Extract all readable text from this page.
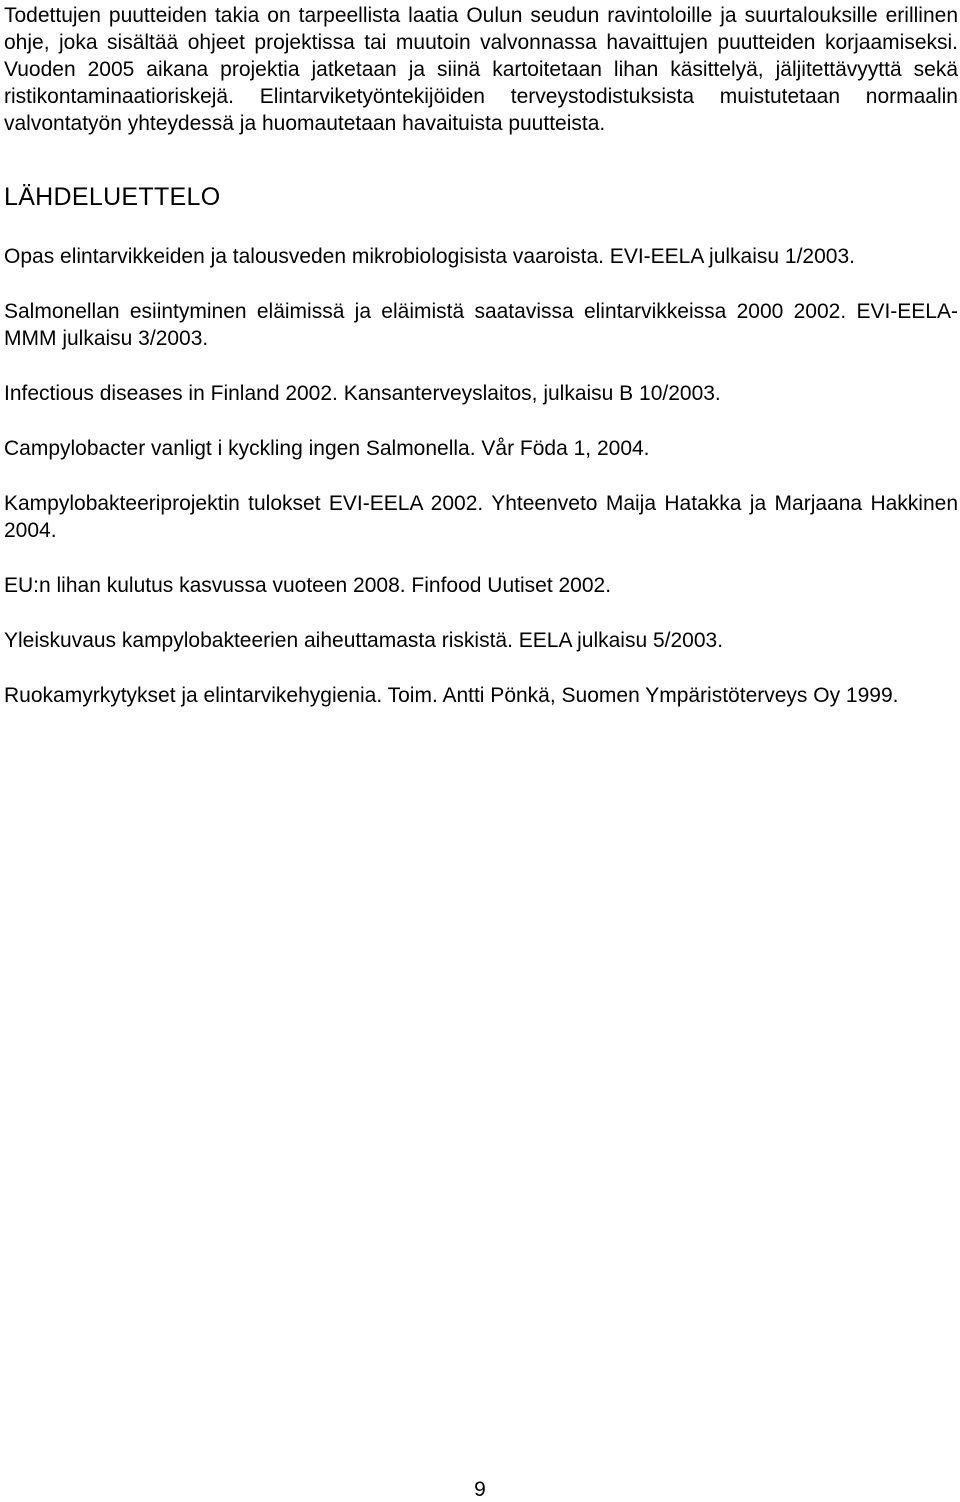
Todettujen puutteiden takia on tarpeellista laatia Oulun seudun ravintoloille ja suurtalouksille erillinen ohje, joka sisältää ohjeet projektissa tai muutoin valvonnassa havaittujen puutteiden korjaamiseksi. Vuoden 2005 aikana projektia jatketaan ja siinä kartoitetaan lihan käsittelyä, jäljitettävyyttä sekä ristikontaminaatioriskejä. Elintarviketyöntekijöiden terveystodistuksista muistutetaan normaalin valvontatyön yhteydessä ja huomautetaan havaituista puutteista.

LÄHDELUETTELO
Opas elintarvikkeiden ja talousveden mikrobiologisista vaaroista. EVI-EELA julkaisu 1/2003.
Salmonellan esiintyminen eläimissä ja eläimistä saatavissa elintarvikkeissa 2000 2002. EVI-EELA-MMM julkaisu 3/2003.
Infectious diseases in Finland 2002. Kansanterveyslaitos, julkaisu B 10/2003.
Campylobacter vanligt i kyckling ingen Salmonella. Vår Föda 1, 2004.
Kampylobakteeriprojektin tulokset EVI-EELA 2002. Yhteenveto Maija Hatakka ja Marjaana Hakkinen 2004.
EU:n lihan kulutus kasvussa vuoteen 2008. Finfood Uutiset 2002.
Yleiskuvaus kampylobakteerien aiheuttamasta riskistä. EELA julkaisu 5/2003.
Ruokamyrkytykset ja elintarvikehygienia. Toim. Antti Pönkä, Suomen Ympäristöterveys Oy 1999.
9
